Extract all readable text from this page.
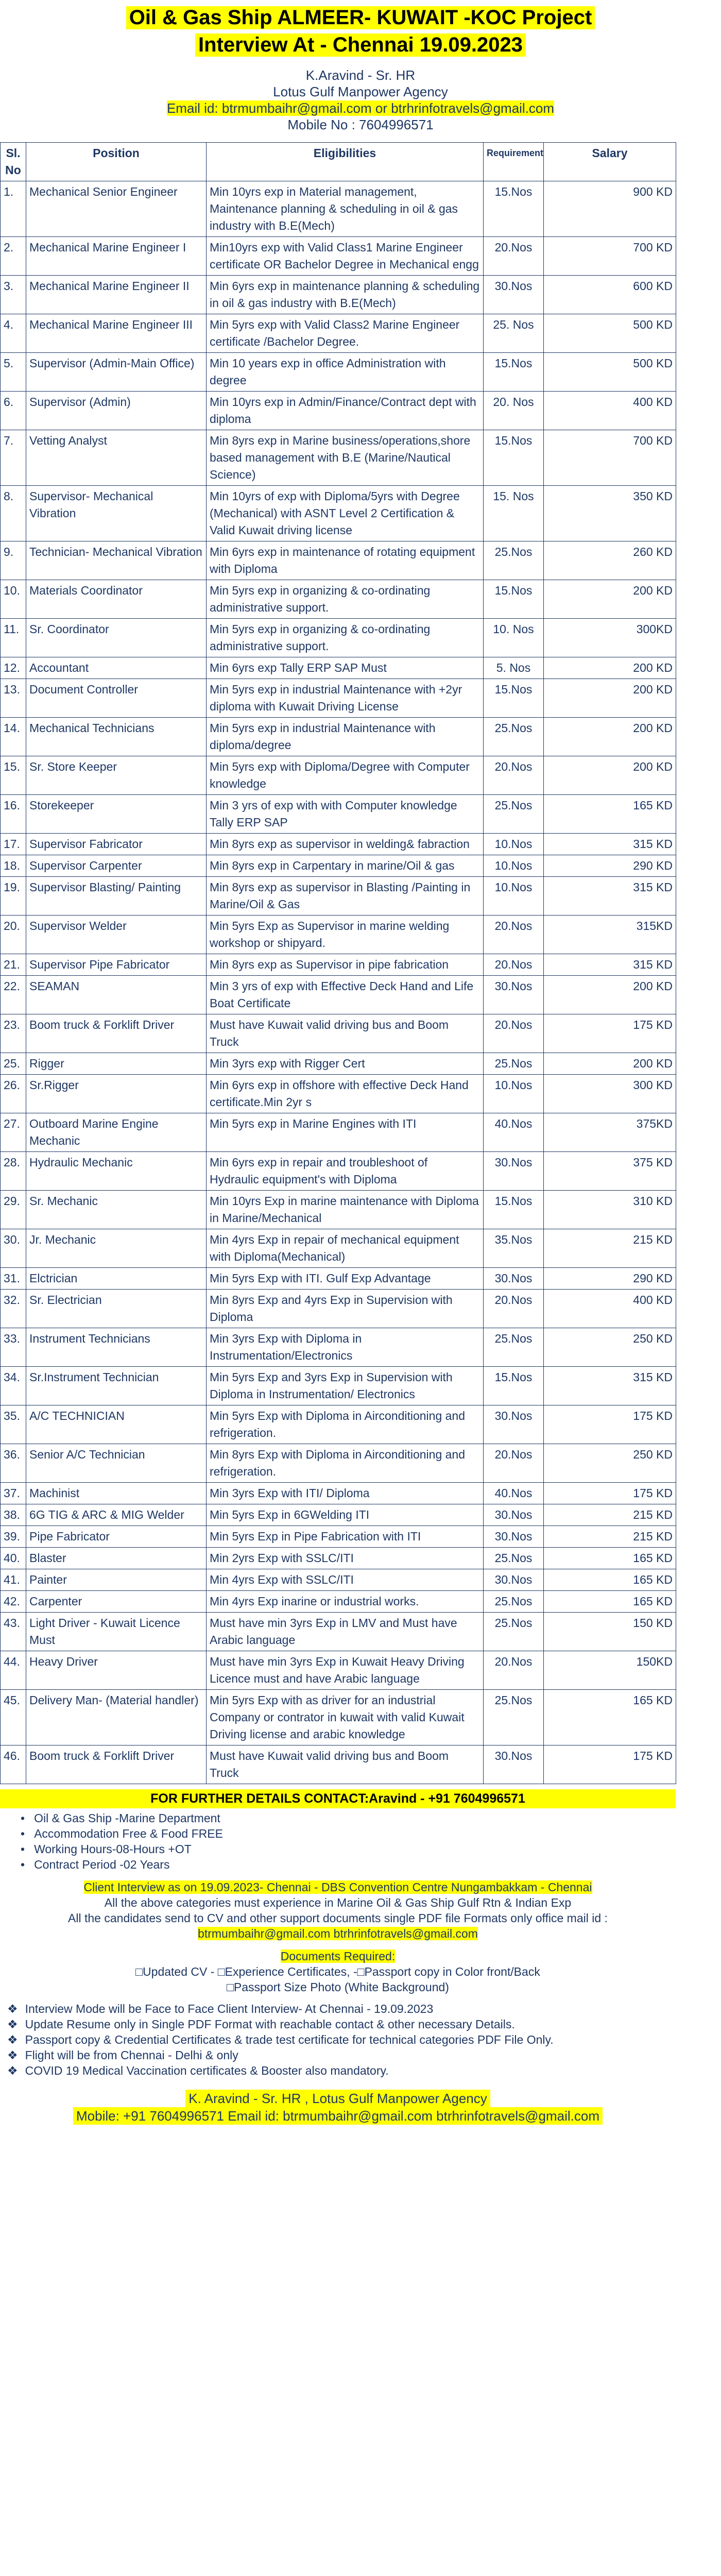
Oil & Gas Ship ALMEER- KUWAIT -KOC Project
Interview At - Chennai 19.09.2023
K.Aravind - Sr. HR
Lotus Gulf Manpower Agency
Email id: btrmumbaihr@gmail.com or btrhrinfotravels@gmail.com
Mobile No : 7604996571
Sl. No	Position	Eligibilities	Requirement	Salary
1.	Mechanical Senior Engineer	Min 10yrs exp in Material management, Maintenance planning & scheduling in oil & gas industry with B.E(Mech)	15.Nos	900 KD
2.	Mechanical Marine Engineer I	Min10yrs exp with Valid Class1 Marine Engineer certificate OR Bachelor Degree in Mechanical engg	20.Nos	700 KD
3.	Mechanical Marine Engineer II	Min 6yrs exp in maintenance planning & scheduling in oil & gas industry with B.E(Mech)	30.Nos	600 KD
4.	Mechanical Marine Engineer III	Min 5yrs exp with Valid Class2 Marine Engineer certificate /Bachelor Degree.	25. Nos	500 KD
5.	Supervisor (Admin-Main Office)	Min 10 years exp in office Administration with degree	15.Nos	500 KD
6.	Supervisor (Admin)	Min 10yrs exp in Admin/Finance/Contract dept with diploma	20. Nos	400 KD
7.	Vetting Analyst	Min 8yrs exp in Marine business/operations,shore based management with B.E (Marine/Nautical Science)	15.Nos	700 KD
8.	Supervisor- Mechanical Vibration	Min 10yrs of exp with Diploma/5yrs with Degree (Mechanical) with ASNT Level 2 Certification & Valid Kuwait driving license	15. Nos	350 KD
9.	Technician- Mechanical Vibration	Min 6yrs exp in maintenance of rotating equipment with Diploma	25.Nos	260 KD
10.	Materials Coordinator	Min 5yrs exp in organizing & co-ordinating administrative support.	15.Nos	200 KD
11.	Sr. Coordinator	Min 5yrs exp in organizing & co-ordinating administrative support.	10. Nos	300KD
12.	Accountant	Min 6yrs exp Tally ERP SAP Must	5. Nos	200 KD
13.	Document Controller	Min 5yrs exp in industrial Maintenance with +2yr diploma with Kuwait Driving License	15.Nos	200 KD
14.	Mechanical Technicians	Min 5yrs exp in industrial Maintenance with diploma/degree	25.Nos	200 KD
15.	Sr. Store Keeper	Min 5yrs exp with Diploma/Degree with Computer knowledge	20.Nos	200 KD
16.	Storekeeper	Min 3 yrs of exp with with Computer knowledge Tally ERP SAP	25.Nos	165 KD
17.	Supervisor Fabricator	Min 8yrs exp as supervisor in welding& fabraction	10.Nos	315 KD
18.	Supervisor Carpenter	Min 8yrs exp in Carpentary in marine/Oil & gas	10.Nos	290 KD
19.	Supervisor Blasting/ Painting	Min 8yrs exp as supervisor in Blasting /Painting in Marine/Oil & Gas	10.Nos	315 KD
20.	Supervisor Welder	Min 5yrs Exp as Supervisor in marine welding workshop or shipyard.	20.Nos	315KD
21.	Supervisor Pipe Fabricator	Min 8yrs exp as Supervisor in pipe fabrication	20.Nos	315 KD
22.	SEAMAN	Min 3 yrs of exp with Effective Deck Hand and Life Boat Certificate	30.Nos	200 KD
23.	Boom truck & Forklift Driver	Must have Kuwait valid driving bus and Boom Truck	20.Nos	175 KD
25.	Rigger	Min 3yrs exp with Rigger Cert	25.Nos	200 KD
26.	Sr.Rigger	Min 6yrs exp in offshore with effective Deck Hand certificate.Min 2yr s	10.Nos	300 KD
27.	Outboard Marine Engine Mechanic	Min 5yrs exp in Marine Engines with ITI	40.Nos	375KD
28.	Hydraulic Mechanic	Min 6yrs exp in repair and troubleshoot of Hydraulic equipment's with Diploma	30.Nos	375 KD
29.	Sr. Mechanic	Min 10yrs Exp in marine maintenance with Diploma in Marine/Mechanical	15.Nos	310 KD
30.	Jr. Mechanic	Min 4yrs Exp in repair of mechanical equipment with Diploma(Mechanical)	35.Nos	215 KD
31.	Elctrician	Min 5yrs Exp with ITI. Gulf Exp Advantage	30.Nos	290 KD
32.	Sr. Electrician	Min 8yrs Exp and 4yrs Exp in Supervision with Diploma	20.Nos	400 KD
33.	Instrument Technicians	Min 3yrs Exp with Diploma in Instrumentation/Electronics	25.Nos	250 KD
34.	Sr.Instrument Technician	Min 5yrs Exp and 3yrs Exp in Supervision with Diploma in Instrumentation/ Electronics	15.Nos	315 KD
35.	A/C TECHNICIAN	Min 5yrs Exp with Diploma in Airconditioning and refrigeration.	30.Nos	175 KD
36.	Senior A/C Technician	Min 8yrs Exp with Diploma in Airconditioning and refrigeration.	20.Nos	250 KD
37.	Machinist	Min 3yrs Exp with ITI/ Diploma	40.Nos	175 KD
38.	6G TIG & ARC & MIG Welder	Min 5yrs Exp in 6GWelding ITI	30.Nos	215 KD
39.	Pipe Fabricator	Min 5yrs Exp in Pipe Fabrication with ITI	30.Nos	215 KD
40.	Blaster	Min 2yrs Exp with SSLC/ITI	25.Nos	165 KD
41.	Painter	Min 4yrs Exp with SSLC/ITI	30.Nos	165 KD
42.	Carpenter	Min 4yrs Exp inarine or industrial works.	25.Nos	165 KD
43.	Light Driver - Kuwait Licence Must	Must have min 3yrs Exp in LMV and Must have Arabic language	25.Nos	150 KD
44.	Heavy Driver	Must have min 3yrs Exp in Kuwait Heavy Driving Licence must and have Arabic language	20.Nos	150KD
45.	Delivery Man- (Material handler)	Min 5yrs Exp with as driver for an industrial Company or contrator in kuwait with valid Kuwait Driving license and arabic knowledge	25.Nos	165 KD
46.	Boom truck & Forklift Driver	Must have Kuwait valid driving bus and Boom Truck	30.Nos	175 KD
FOR FURTHER DETAILS CONTACT:Aravind - +91 7604996571
• Oil & Gas Ship -Marine Department
• Accommodation Free & Food FREE
• Working Hours-08-Hours +OT
• Contract Period -02 Years
Client Interview as on 19.09.2023- Chennai - DBS Convention Centre Nungambakkam - Chennai
All the above categories must experience in Marine Oil & Gas Ship Gulf Rtn & Indian Exp
All the candidates send to CV and other support documents single PDF file Formats only office mail id :
btrmumbaihr@gmail.com btrhrinfotravels@gmail.com
Documents Required:
□Updated CV - □Experience Certificates, -□Passport copy in Color front/Back
□Passport Size Photo (White Background)
❖ Interview Mode will be Face to Face Client Interview- At Chennai - 19.09.2023
❖ Update Resume only in Single PDF Format with reachable contact & other necessary Details.
❖ Passport copy & Credential Certificates & trade test certificate for technical categories PDF File Only.
❖ Flight will be from Chennai - Delhi & only
❖ COVID 19 Medical Vaccination certificates & Booster also mandatory.
K. Aravind - Sr. HR , Lotus Gulf Manpower Agency
Mobile: +91 7604996571 Email id: btrmumbaihr@gmail.com btrhrinfotravels@gmail.com
